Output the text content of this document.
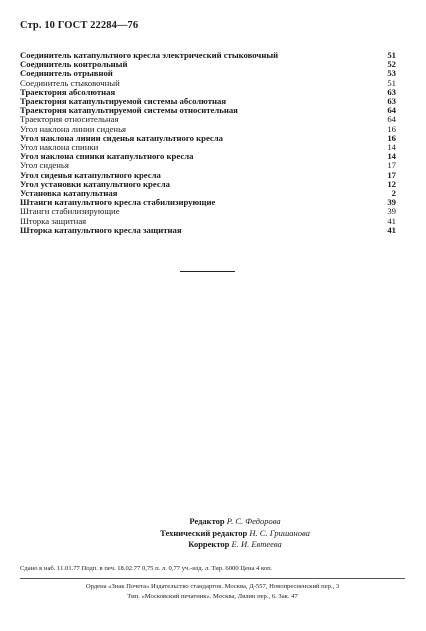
Стр. 10 ГОСТ 22284—76
Соединитель катапультного кресла электрический стыковочный	51
Соединитель контрольный	52
Соединитель отрывной	53
Соединитель стыковочный	51
Траектория абсолютная	63
Траектория катапультируемой системы абсолютная	63
Траектория катапультируемой системы относительная	64
Траектория относительная	64
Угол наклона линии сиденья	16
Угол наклона линии сиденья катапультного кресла	16
Угол наклона спинки	14
Угол наклона спинки катапультного кресла	14
Угол сиденья	17
Угол сиденья катапультного кресла	17
Угол установки катапультного кресла	12
Установка катапультная	2
Штанги катапультного кресла стабилизирующие	39
Штанги стабилизирующие	39
Шторка защитная	41
Шторка катапультного кресла защитная	41
Редактор Р. С. Федорова
Технический редактор Н. С. Гришанова
Корректор Е. И. Евтеева
Сдано в наб. 11.01.77 Подп. в печ. 18.02.77 0,75 п. л. 0,77 уч.-изд. л. Тир. 6000 Цена 4 коп.
Ордена «Знак Почета» Издательство стандартов. Москва, Д-557, Новопресненский пер., 3
Тип. «Московский печатник». Москва, Лялин пер., 6. Зак. 47
